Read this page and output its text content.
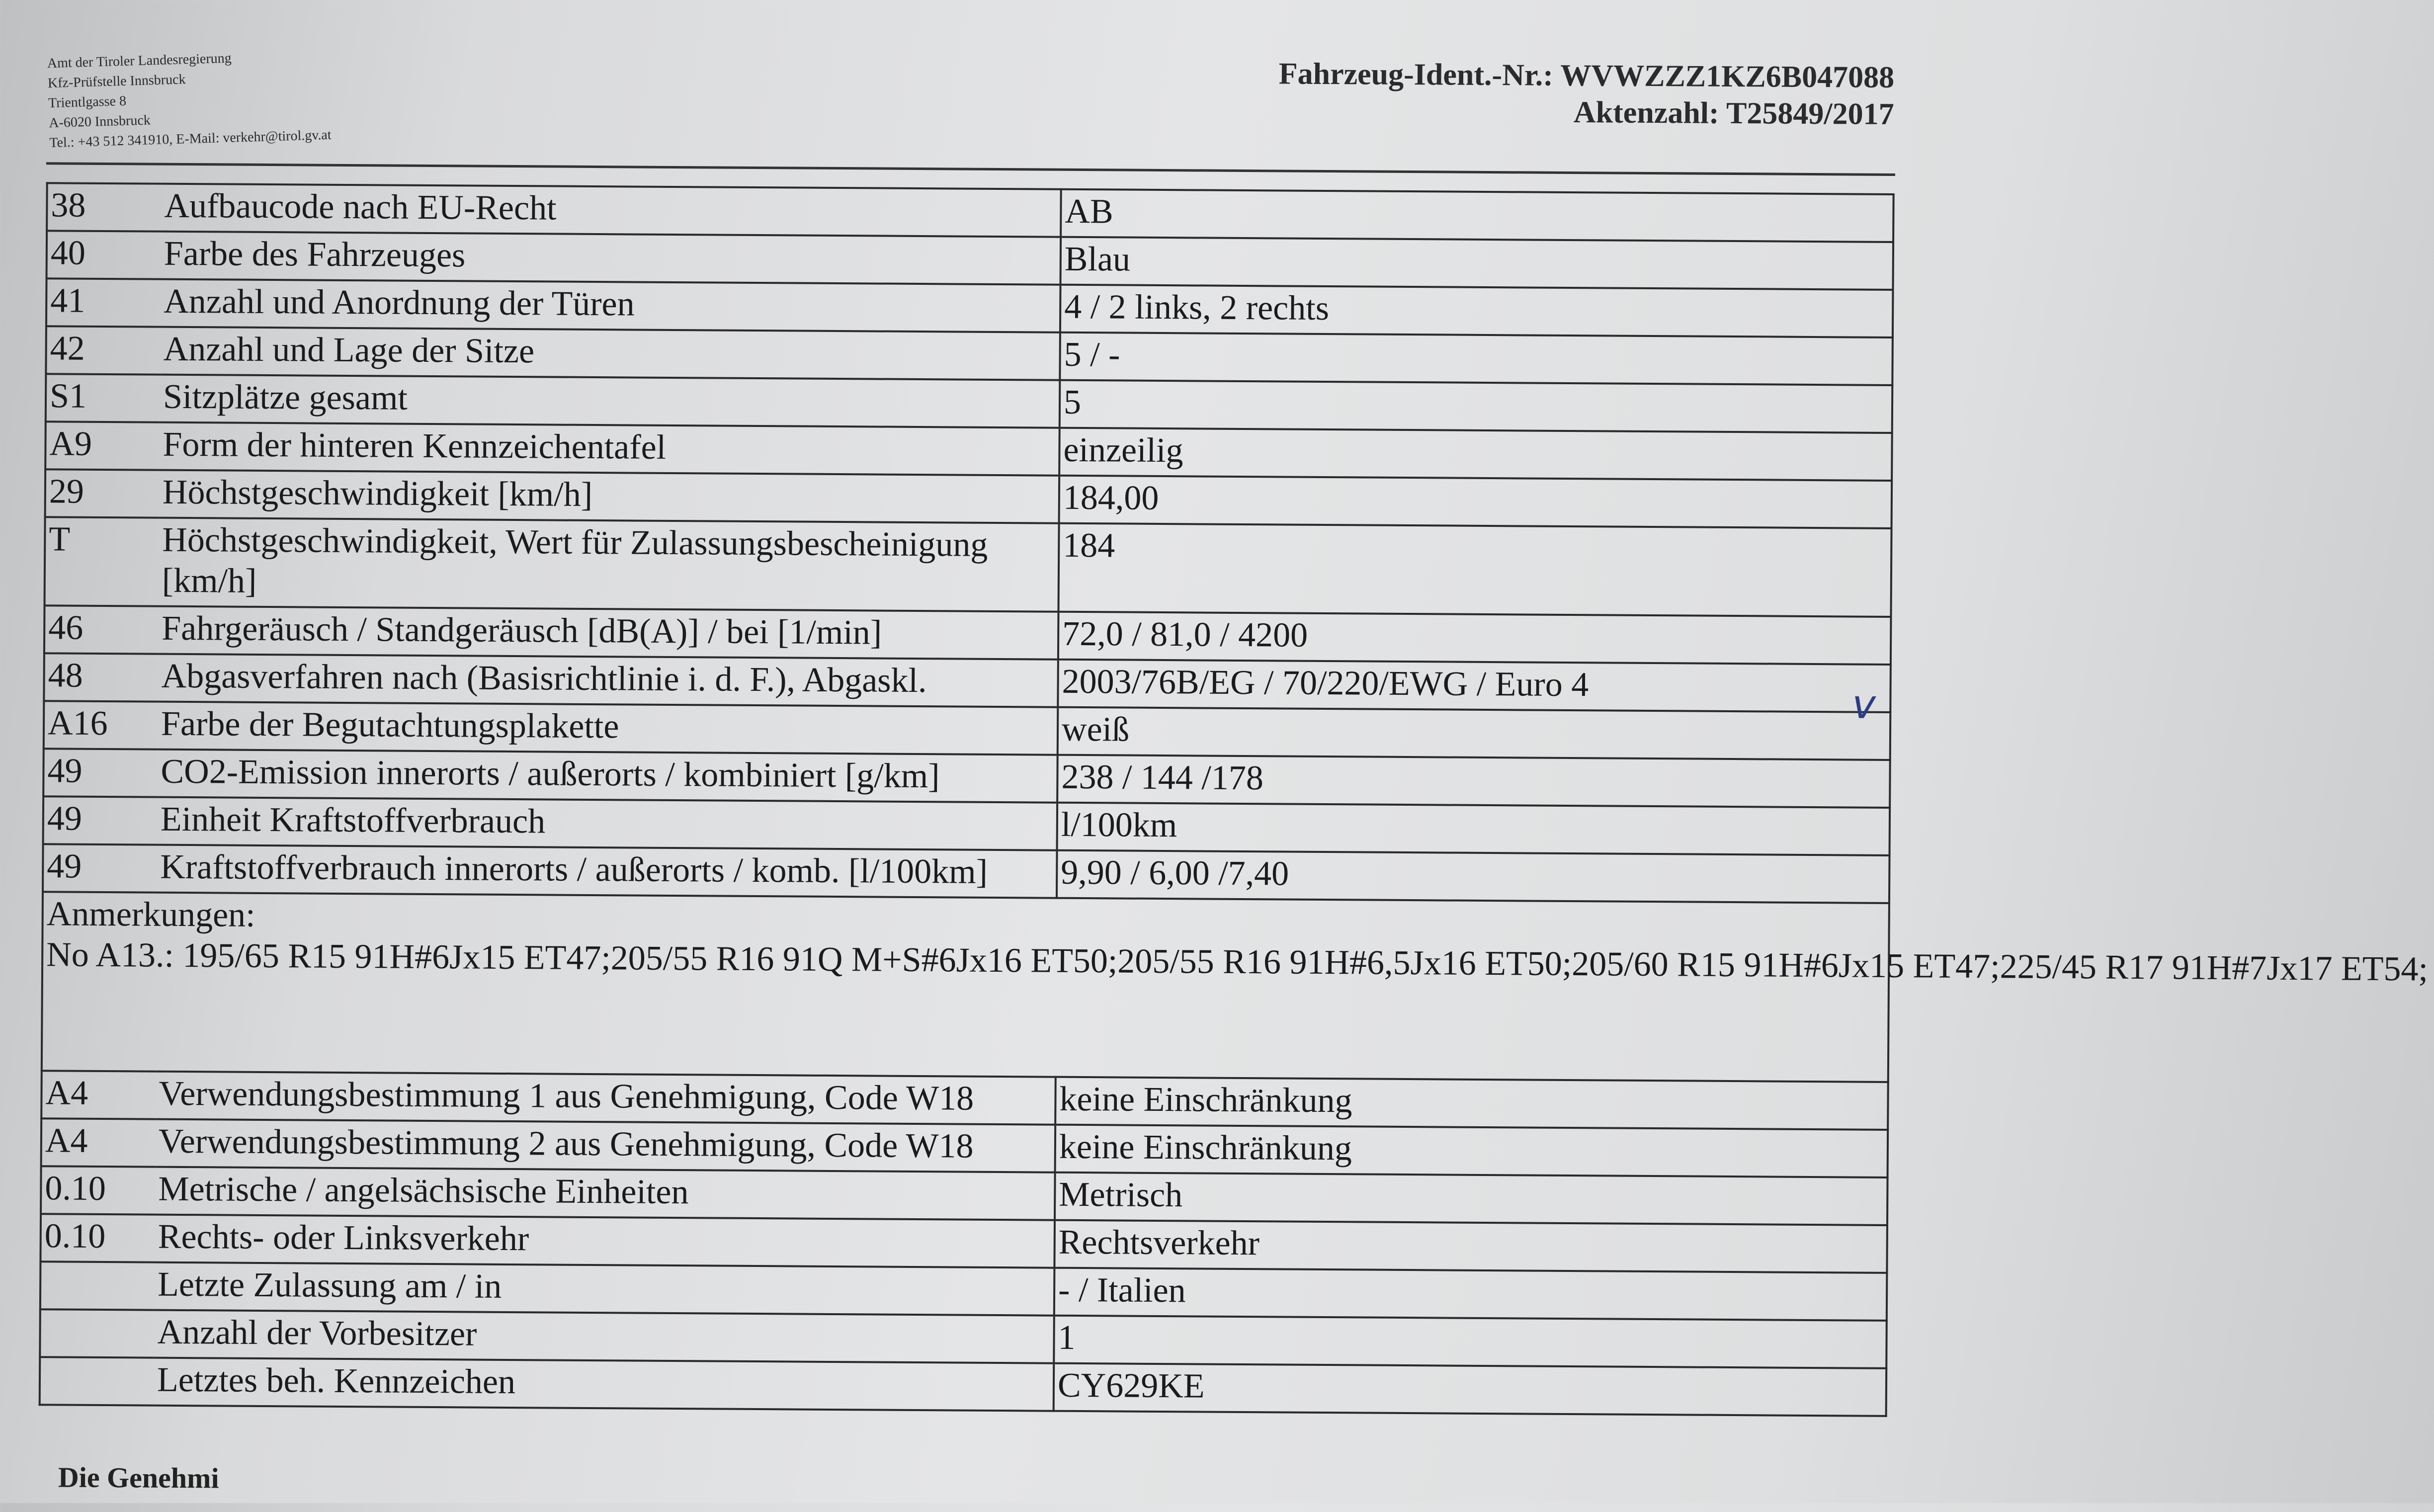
Amt der Tiroler Landesregierung
Kfz-Prüfstelle Innsbruck
Trientlgasse 8
A-6020 Innsbruck
Tel.: +43 512 341910, E-Mail: verkehr@tirol.gv.at
Fahrzeug-Ident.-Nr.: WVWZZZ1KZ6B047088
Aktenzahl: T25849/2017
38	Aufbaucode nach EU-Recht	AB
40	Farbe des Fahrzeuges	Blau
41	Anzahl und Anordnung der Türen	4 / 2 links, 2 rechts
42	Anzahl und Lage der Sitze	5 / -
S1	Sitzplätze gesamt	5
A9	Form der hinteren Kennzeichentafel	einzeilig
29	Höchstgeschwindigkeit [km/h]	184,00
T	Höchstgeschwindigkeit, Wert für Zulassungsbescheinigung [km/h]	184
46	Fahrgeräusch / Standgeräusch [dB(A)] / bei [1/min]	72,0 / 81,0 / 4200
48	Abgasverfahren nach (Basisrichtlinie i. d. F.), Abgaskl.	2003/76B/EG / 70/220/EWG / Euro 4
A16	Farbe der Begutachtungsplakette	weiß
49	CO2-Emission innerorts / außerorts / kombiniert [g/km]	238 / 144 /178
49	Einheit Kraftstoffverbrauch	l/100km
49	Kraftstoffverbrauch innerorts / außerorts / komb. [l/100km]	9,90 / 6,00 /7,40

Anmerkungen:
No A13.: 195/65 R15 91H#6Jx15 ET47;205/55 R16 91Q M+S#6Jx16 ET50;205/55 R16 91H#6,5Jx16 ET50;205/60 R15 91H#6Jx15 ET47;225/45 R17 91H#7Jx17 ET54;		

A4	Verwendungsbestimmung 1 aus Genehmigung, Code W18	keine Einschränkung
A4	Verwendungsbestimmung 2 aus Genehmigung, Code W18	keine Einschränkung
0.10	Metrische / angelsächsische Einheiten	Metrisch
0.10	Rechts- oder Linksverkehr	Rechtsverkehr
	Letzte Zulassung am / in	- / Italien
	Anzahl der Vorbesitzer	1
	Letztes beh. Kennzeichen	CY629KE
v
Die Genehmi
